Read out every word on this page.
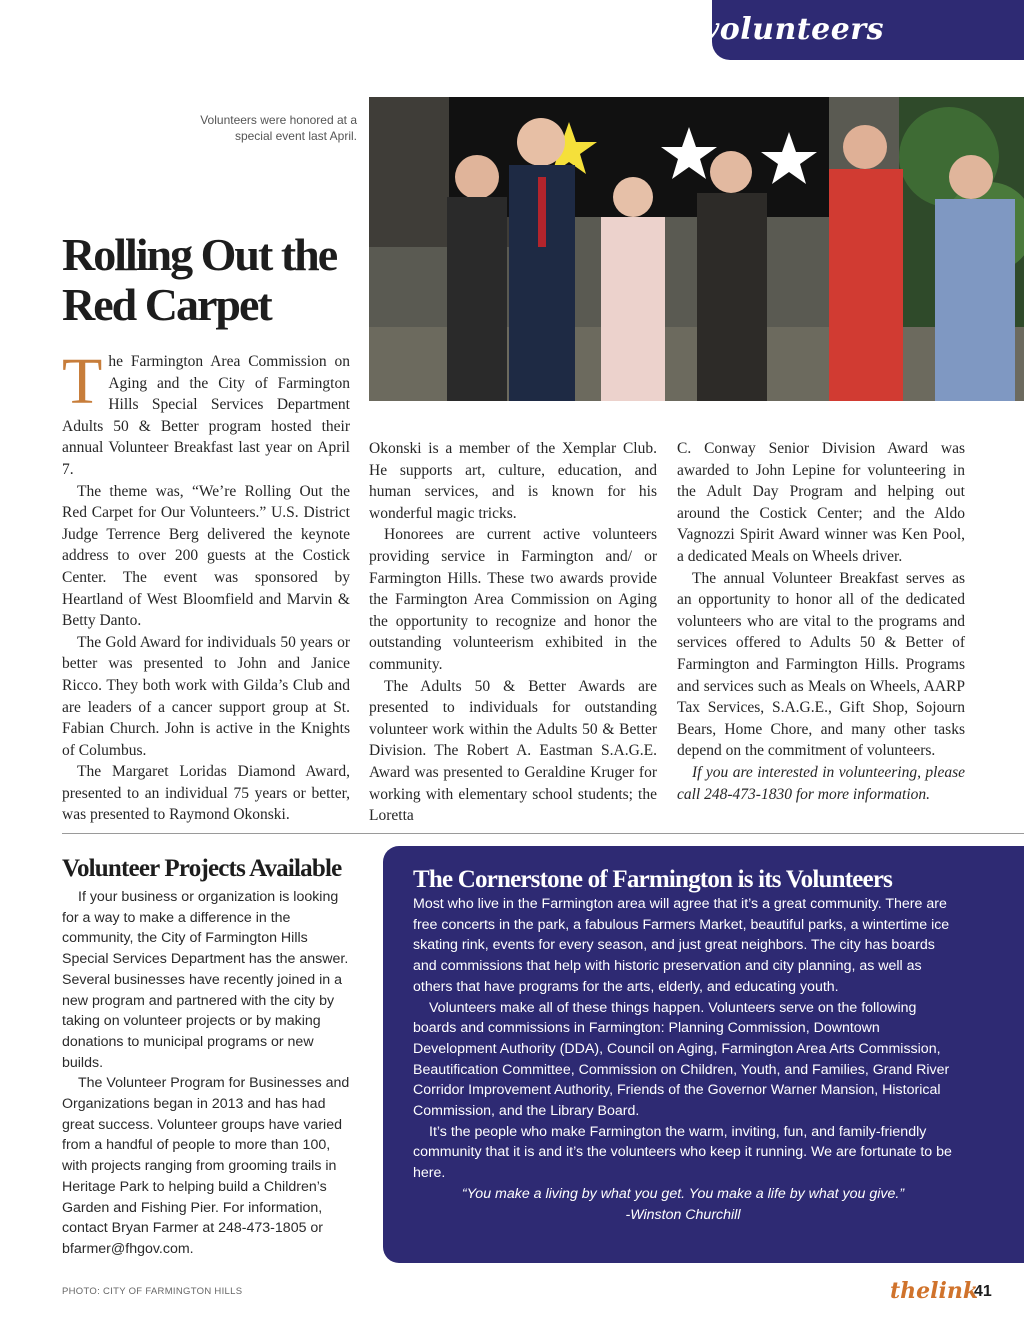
volunteers
Volunteers were honored at a special event last April.
Rolling Out the Red Carpet

The Farmington Area Commission on Aging and the City of Farmington Hills Special Services Department Adults 50 & Better program hosted their annual Volunteer Breakfast last year on April 7.

The theme was, “We’re Rolling Out the Red Carpet for Our Volunteers.” U.S. District Judge Terrence Berg delivered the keynote address to over 200 guests at the Costick Center. The event was sponsored by Heartland of West Bloomfield and Marvin & Betty Danto.

The Gold Award for individuals 50 years or better was presented to John and Janice Ricco. They both work with Gilda’s Club and are leaders of a cancer support group at St. Fabian Church. John is active in the Knights of Columbus.

The Margaret Loridas Diamond Award, presented to an individual 75 years or better, was presented to Raymond Okonski.

Okonski is a member of the Xemplar Club. He supports art, culture, education, and human services, and is known for his wonderful magic tricks.

Honorees are current active volunteers providing service in Farmington and/ or Farmington Hills. These two awards provide the Farmington Area Commission on Aging the opportunity to recognize and honor the outstanding volunteerism exhibited in the community.

The Adults 50 & Better Awards are presented to individuals for outstanding volunteer work within the Adults 50 & Better Division. The Robert A. Eastman S.A.G.E. Award was presented to Geraldine Kruger for working with elementary school students; the Loretta

C. Conway Senior Division Award was awarded to John Lepine for volunteering in the Adult Day Program and helping out around the Costick Center; and the Aldo Vagnozzi Spirit Award winner was Ken Pool, a dedicated Meals on Wheels driver.

The annual Volunteer Breakfast serves as an opportunity to honor all of the dedicated volunteers who are vital to the programs and services offered to Adults 50 & Better of Farmington and Farmington Hills. Programs and services such as Meals on Wheels, AARP Tax Services, S.A.G.E., Gift Shop, Sojourn Bears, Home Chore, and many other tasks depend on the commitment of volunteers.

If you are interested in volunteering, please call 248-473-1830 for more information.

Volunteer Projects Available

If your business or organization is looking for a way to make a difference in the community, the City of Farmington Hills Special Services Department has the answer. Several businesses have recently joined in a new program and partnered with the city by taking on volunteer projects or by making donations to municipal programs or new builds.

The Volunteer Program for Businesses and Organizations began in 2013 and has had great success. Volunteer groups have varied from a handful of people to more than 100, with projects ranging from grooming trails in Heritage Park to helping build a Children’s Garden and Fishing Pier. For information, contact Bryan Farmer at 248-473-1805 or bfarmer@fhgov.com.

The Cornerstone of Farmington is its Volunteers

Most who live in the Farmington area will agree that it’s a great community. There are free concerts in the park, a fabulous Farmers Market, beautiful parks, a wintertime ice skating rink, events for every season, and just great neighbors. The city has boards and commissions that help with historic preservation and city planning, as well as others that have programs for the arts, elderly, and educating youth.

Volunteers make all of these things happen. Volunteers serve on the following boards and commissions in Farmington: Planning Commission, Downtown Development Authority (DDA), Council on Aging, Farmington Area Arts Commission, Beautification Committee, Commission on Children, Youth, and Families, Grand River Corridor Improvement Authority, Friends of the Governor Warner Mansion, Historical Commission, and the Library Board.

It’s the people who make Farmington the warm, inviting, fun, and family-friendly community that it is and it’s the volunteers who keep it running. We are fortunate to be here.

“You make a living by what you get. You make a life by what you give.”

-Winston Churchill

PHOTO: CITY OF FARMINGTON HILLS	thelink
41
